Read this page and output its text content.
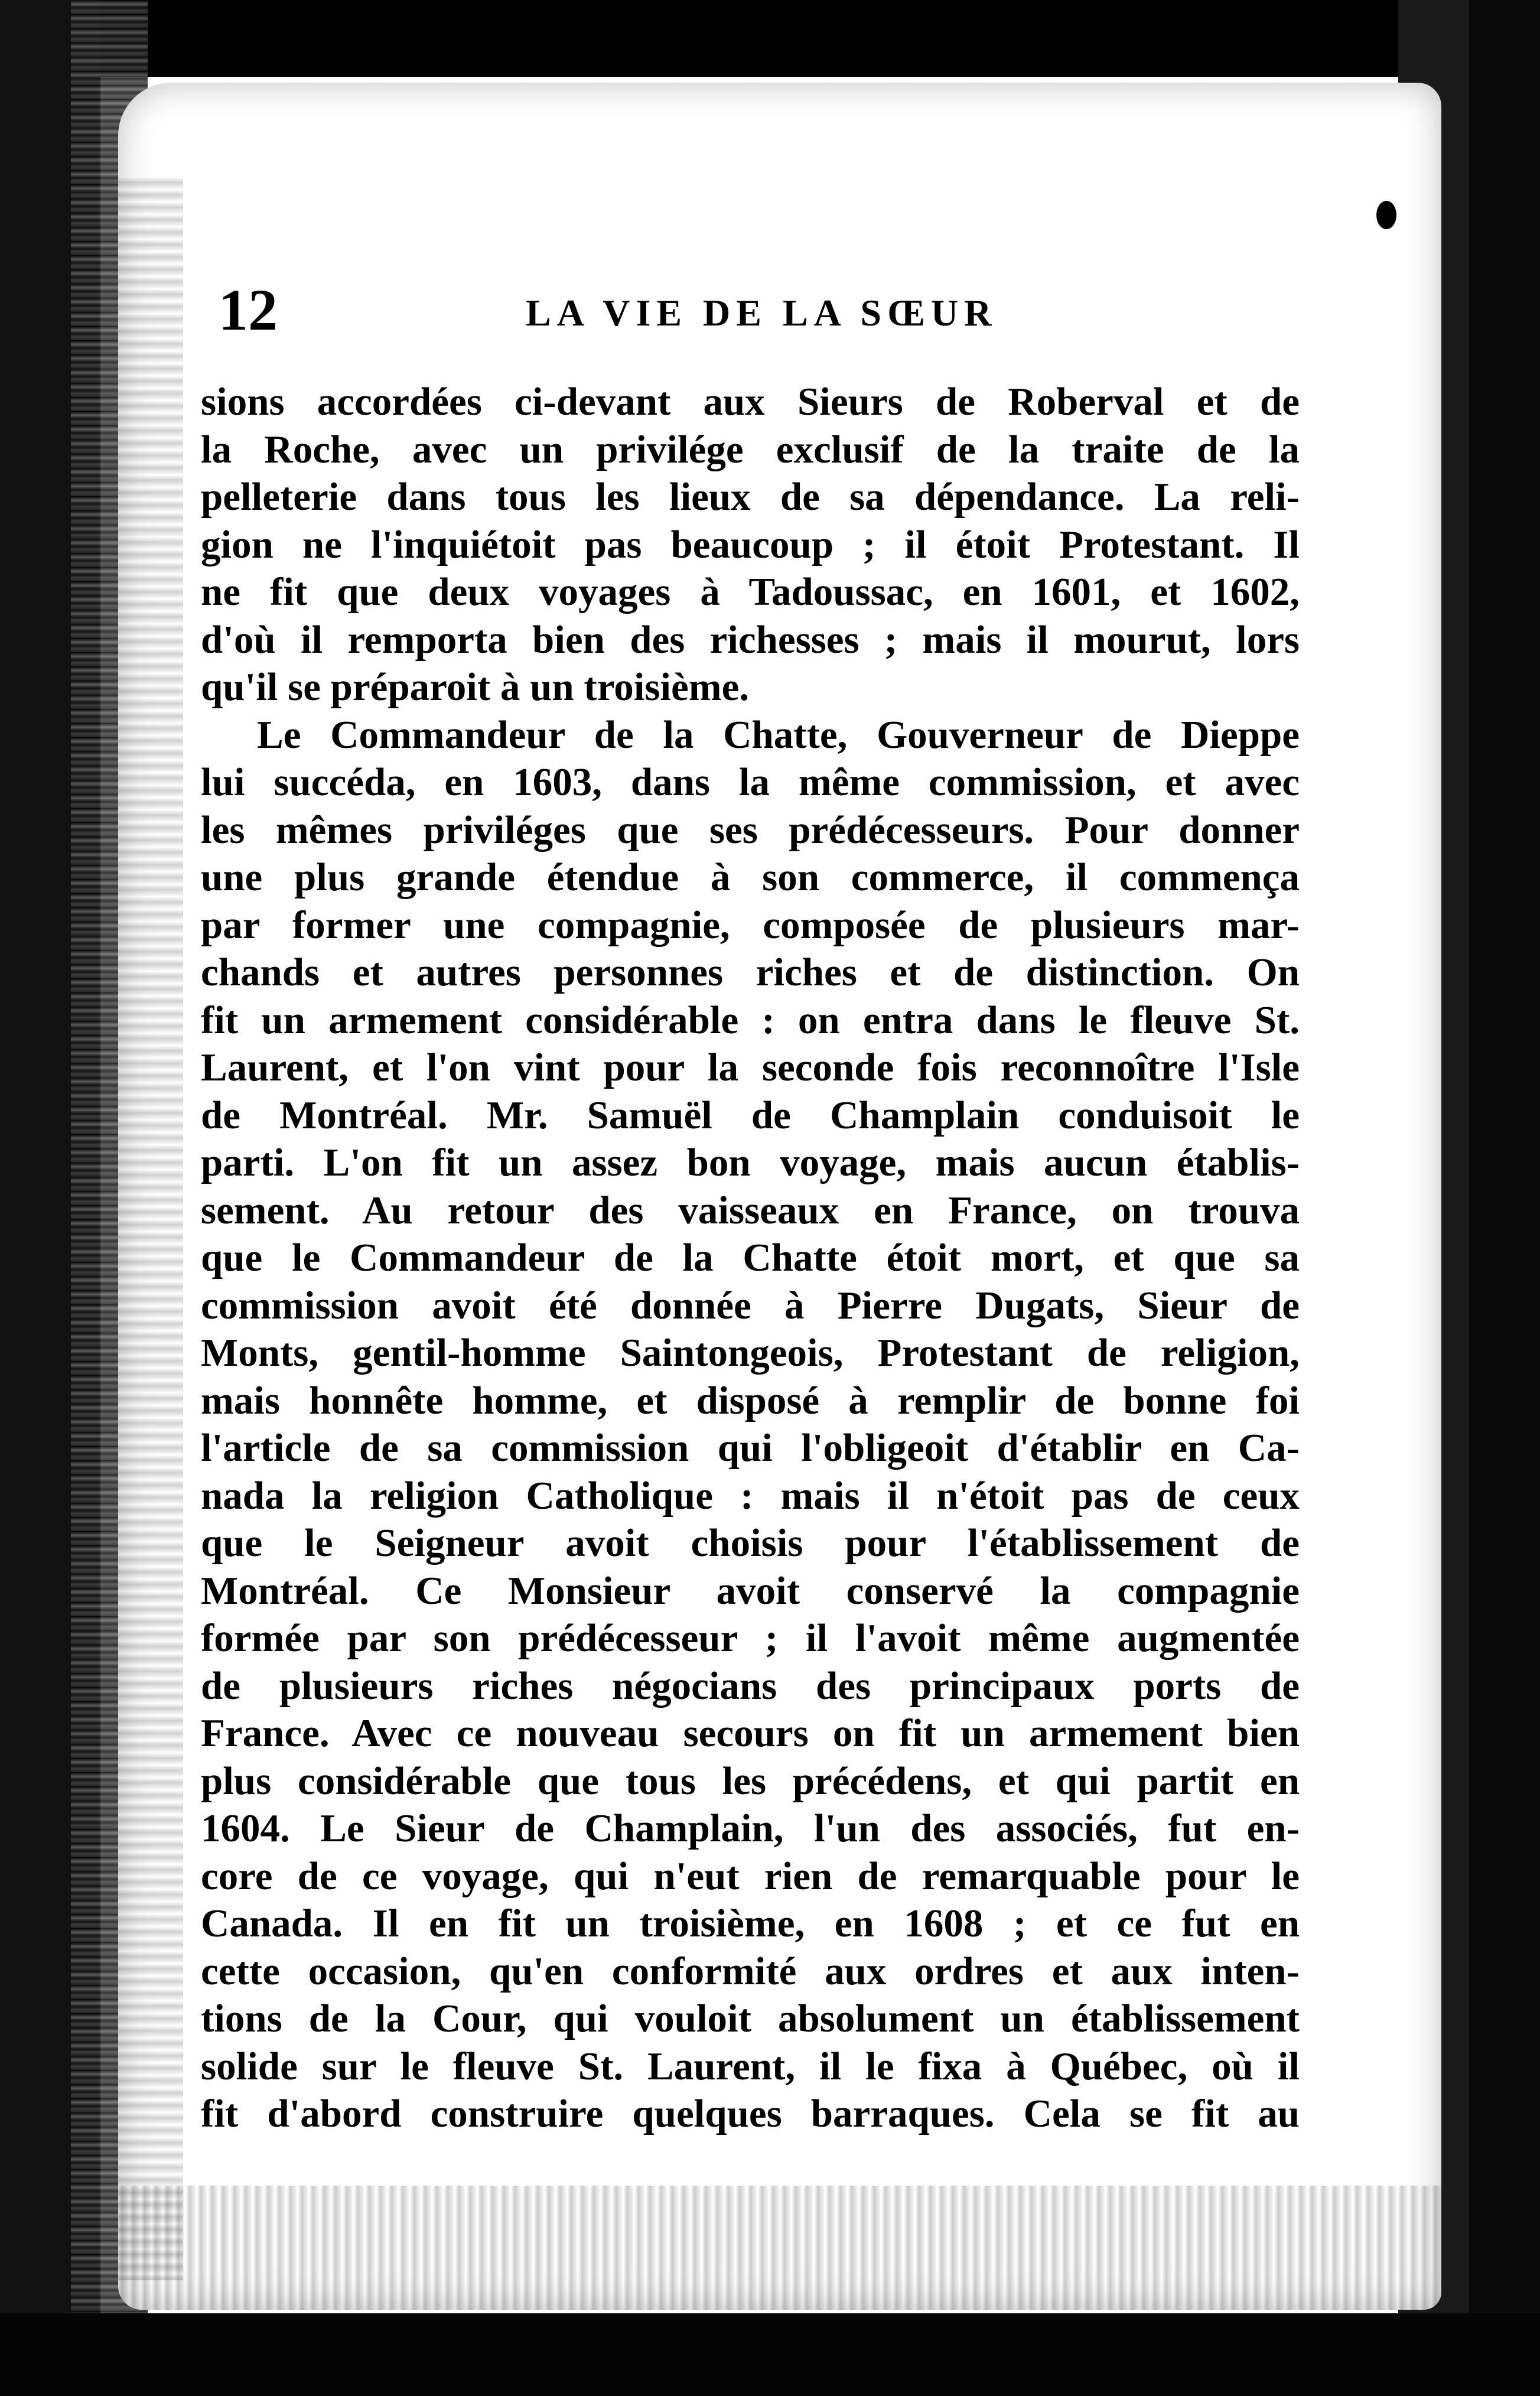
12	LA VIE DE LA SŒUR
sions accordées ci-devant aux Sieurs de Roberval et de
la Roche, avec un privilége exclusif de la traite de la
pelleterie dans tous les lieux de sa dépendance. La reli-
gion ne l'inquiétoit pas beaucoup ; il étoit Protestant. Il
ne fit que deux voyages à Tadoussac, en 1601, et 1602,
d'où il remporta bien des richesses ; mais il mourut, lors
qu'il se préparoit à un troisième.
Le Commandeur de la Chatte, Gouverneur de Dieppe
lui succéda, en 1603, dans la même commission, et avec
les mêmes priviléges que ses prédécesseurs. Pour donner
une plus grande étendue à son commerce, il commença
par former une compagnie, composée de plusieurs mar-
chands et autres personnes riches et de distinction. On
fit un armement considérable : on entra dans le fleuve St.
Laurent, et l'on vint pour la seconde fois reconnoître l'Isle
de Montréal. Mr. Samuël de Champlain conduisoit le
parti. L'on fit un assez bon voyage, mais aucun établis-
sement. Au retour des vaisseaux en France, on trouva
que le Commandeur de la Chatte étoit mort, et que sa
commission avoit été donnée à Pierre Dugats, Sieur de
Monts, gentil-homme Saintongeois, Protestant de religion,
mais honnête homme, et disposé à remplir de bonne foi
l'article de sa commission qui l'obligeoit d'établir en Ca-
nada la religion Catholique : mais il n'étoit pas de ceux
que le Seigneur avoit choisis pour l'établissement de
Montréal. Ce Monsieur avoit conservé la compagnie
formée par son prédécesseur ; il l'avoit même augmentée
de plusieurs riches négocians des principaux ports de
France. Avec ce nouveau secours on fit un armement bien
plus considérable que tous les précédens, et qui partit en
1604. Le Sieur de Champlain, l'un des associés, fut en-
core de ce voyage, qui n'eut rien de remarquable pour le
Canada. Il en fit un troisième, en 1608 ; et ce fut en
cette occasion, qu'en conformité aux ordres et aux inten-
tions de la Cour, qui vouloit absolument un établissement
solide sur le fleuve St. Laurent, il le fixa à Québec, où il
fit d'abord construire quelques barraques. Cela se fit au
